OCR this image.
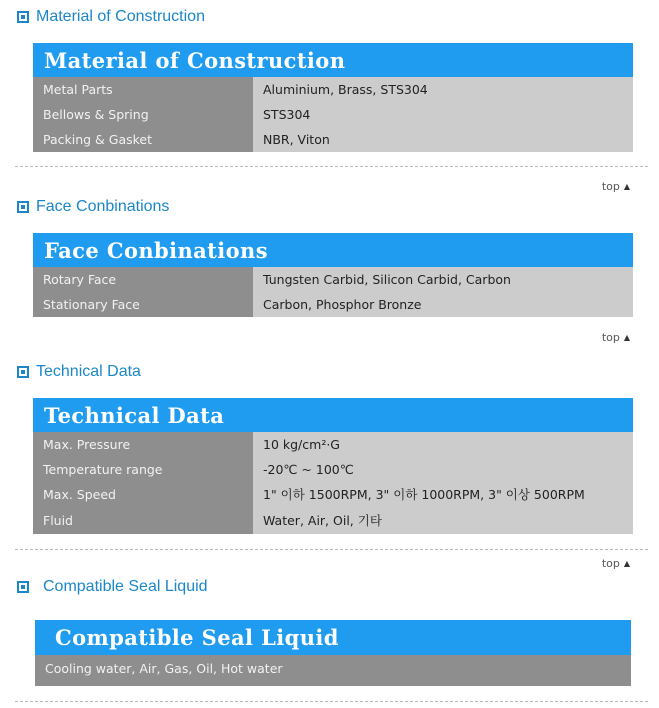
Material of Construction
Material of Construction
Metal Parts	Aluminium, Brass, STS304
Bellows & Spring	STS304
Packing & Gasket	NBR, Viton
top ▲
Face Conbinations
Face Conbinations
Rotary Face	Tungsten Carbid, Silicon Carbid, Carbon
Stationary Face	Carbon, Phosphor Bronze
top ▲
Technical Data
Technical Data
Max. Pressure	10 kg/cm²·G
Temperature range	-20℃ ~ 100℃
Max. Speed	1" 이하 1500RPM, 3" 이하 1000RPM, 3" 이상 500RPM
Fluid	Water, Air, Oil, 기타
top ▲
Compatible Seal Liquid
Compatible Seal Liquid
Cooling water, Air, Gas, Oil, Hot water
